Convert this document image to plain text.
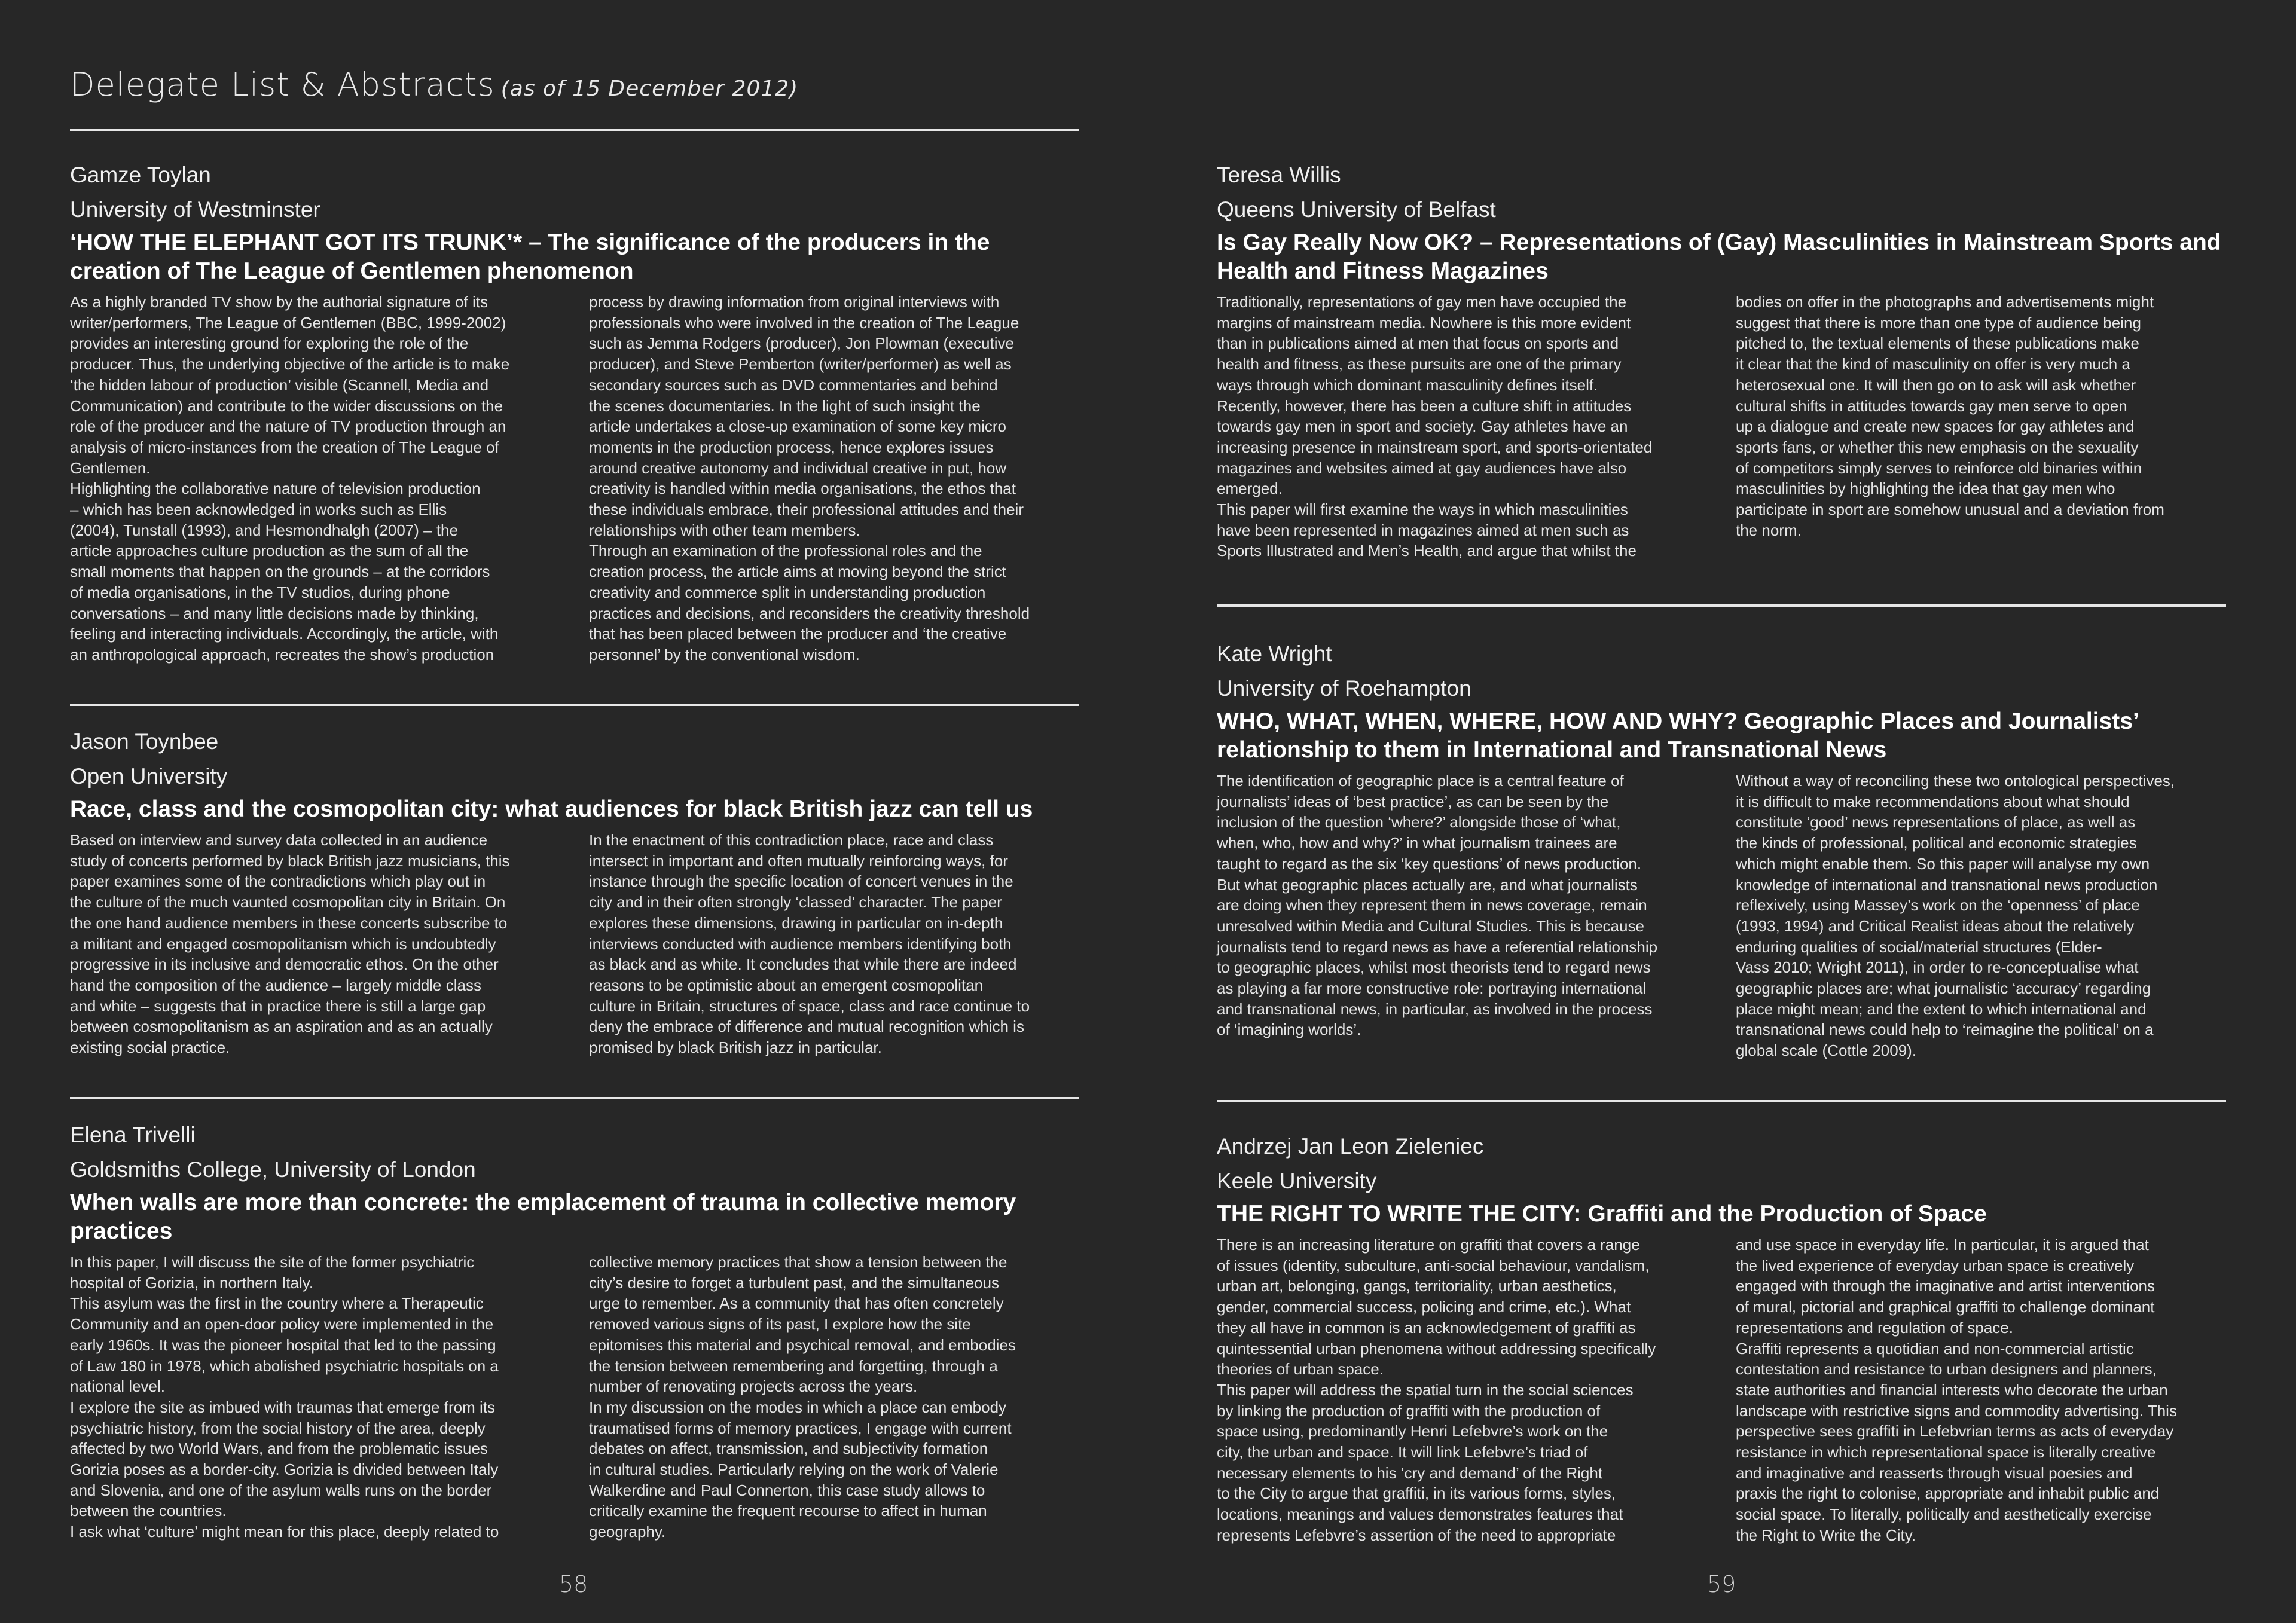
Delegate List & Abstracts (as of 15 December 2012)
Gamze Toylan
University of Westminster
‘HOW THE ELEPHANT GOT ITS TRUNK’* – The significance of the producers in the creation of The League of Gentlemen phenomenon
As a highly branded TV show by the authorial signature of its
writer/performers, The League of Gentlemen (BBC, 1999-2002)
provides an interesting ground for exploring the role of the
producer. Thus, the underlying objective of the article is to make
‘the hidden labour of production’ visible (Scannell, Media and
Communication) and contribute to the wider discussions on the
role of the producer and the nature of TV production through an
analysis of micro-instances from the creation of The League of
Gentlemen.
Highlighting the collaborative nature of television production
– which has been acknowledged in works such as Ellis
(2004), Tunstall (1993), and Hesmondhalgh (2007) – the
article approaches culture production as the sum of all the
small moments that happen on the grounds – at the corridors
of media organisations, in the TV studios, during phone
conversations – and many little decisions made by thinking,
feeling and interacting individuals. Accordingly, the article, with
an anthropological approach, recreates the show’s production
process by drawing information from original interviews with
professionals who were involved in the creation of The League
such as Jemma Rodgers (producer), Jon Plowman (executive
producer), and Steve Pemberton (writer/performer) as well as
secondary sources such as DVD commentaries and behind
the scenes documentaries. In the light of such insight the
article undertakes a close-up examination of some key micro
moments in the production process, hence explores issues
around creative autonomy and individual creative in put, how
creativity is handled within media organisations, the ethos that
these individuals embrace, their professional attitudes and their
relationships with other team members.
Through an examination of the professional roles and the
creation process, the article aims at moving beyond the strict
creativity and commerce split in understanding production
practices and decisions, and reconsiders the creativity threshold
that has been placed between the producer and ‘the creative
personnel’ by the conventional wisdom.
Jason Toynbee
Open University
Race, class and the cosmopolitan city: what audiences for black British jazz can tell us
Based on interview and survey data collected in an audience
study of concerts performed by black British jazz musicians, this
paper examines some of the contradictions which play out in
the culture of the much vaunted cosmopolitan city in Britain. On
the one hand audience members in these concerts subscribe to
a militant and engaged cosmopolitanism which is undoubtedly
progressive in its inclusive and democratic ethos. On the other
hand the composition of the audience – largely middle class
and white – suggests that in practice there is still a large gap
between cosmopolitanism as an aspiration and as an actually
existing social practice.
In the enactment of this contradiction place, race and class
intersect in important and often mutually reinforcing ways, for
instance through the specific location of concert venues in the
city and in their often strongly ‘classed’ character. The paper
explores these dimensions, drawing in particular on in-depth
interviews conducted with audience members identifying both
as black and as white. It concludes that while there are indeed
reasons to be optimistic about an emergent cosmopolitan
culture in Britain, structures of space, class and race continue to
deny the embrace of difference and mutual recognition which is
promised by black British jazz in particular.
Elena Trivelli
Goldsmiths College, University of London
When walls are more than concrete: the emplacement of trauma in collective memory practices
In this paper, I will discuss the site of the former psychiatric
hospital of Gorizia, in northern Italy.
This asylum was the first in the country where a Therapeutic
Community and an open-door policy were implemented in the
early 1960s. It was the pioneer hospital that led to the passing
of Law 180 in 1978, which abolished psychiatric hospitals on a
national level.
I explore the site as imbued with traumas that emerge from its
psychiatric history, from the social history of the area, deeply
affected by two World Wars, and from the problematic issues
Gorizia poses as a border-city. Gorizia is divided between Italy
and Slovenia, and one of the asylum walls runs on the border
between the countries.
I ask what ‘culture’ might mean for this place, deeply related to
collective memory practices that show a tension between the
city’s desire to forget a turbulent past, and the simultaneous
urge to remember. As a community that has often concretely
removed various signs of its past, I explore how the site
epitomises this material and psychical removal, and embodies
the tension between remembering and forgetting, through a
number of renovating projects across the years.
In my discussion on the modes in which a place can embody
traumatised forms of memory practices, I engage with current
debates on affect, transmission, and subjectivity formation
in cultural studies. Particularly relying on the work of Valerie
Walkerdine and Paul Connerton, this case study allows to
critically examine the frequent recourse to affect in human
geography.
58
Teresa Willis
Queens University of Belfast
Is Gay Really Now OK? – Representations of (Gay) Masculinities in Mainstream Sports and Health and Fitness Magazines
Traditionally, representations of gay men have occupied the
margins of mainstream media. Nowhere is this more evident
than in publications aimed at men that focus on sports and
health and fitness, as these pursuits are one of the primary
ways through which dominant masculinity defines itself.
Recently, however, there has been a culture shift in attitudes
towards gay men in sport and society. Gay athletes have an
increasing presence in mainstream sport, and sports-orientated
magazines and websites aimed at gay audiences have also
emerged.
This paper will first examine the ways in which masculinities
have been represented in magazines aimed at men such as
Sports Illustrated and Men’s Health, and argue that whilst the
bodies on offer in the photographs and advertisements might
suggest that there is more than one type of audience being
pitched to, the textual elements of these publications make
it clear that the kind of masculinity on offer is very much a
heterosexual one. It will then go on to ask will ask whether
cultural shifts in attitudes towards gay men serve to open
up a dialogue and create new spaces for gay athletes and
sports fans, or whether this new emphasis on the sexuality
of competitors simply serves to reinforce old binaries within
masculinities by highlighting the idea that gay men who
participate in sport are somehow unusual and a deviation from
the norm.
Kate Wright
University of Roehampton
WHO, WHAT, WHEN, WHERE, HOW AND WHY? Geographic Places and Journalists’ relationship to them in International and Transnational News
The identification of geographic place is a central feature of
journalists’ ideas of ‘best practice’, as can be seen by the
inclusion of the question ‘where?’ alongside those of ‘what,
when, who, how and why?’ in what journalism trainees are
taught to regard as the six ‘key questions’ of news production.
But what geographic places actually are, and what journalists
are doing when they represent them in news coverage, remain
unresolved within Media and Cultural Studies. This is because
journalists tend to regard news as have a referential relationship
to geographic places, whilst most theorists tend to regard news
as playing a far more constructive role: portraying international
and transnational news, in particular, as involved in the process
of ‘imagining worlds’.
Without a way of reconciling these two ontological perspectives,
it is difficult to make recommendations about what should
constitute ‘good’ news representations of place, as well as
the kinds of professional, political and economic strategies
which might enable them. So this paper will analyse my own
knowledge of international and transnational news production
reflexively, using Massey’s work on the ‘openness’ of place
(1993, 1994) and Critical Realist ideas about the relatively
enduring qualities of social/material structures (Elder-
Vass 2010; Wright 2011), in order to re-conceptualise what
geographic places are; what journalistic ‘accuracy’ regarding
place might mean; and the extent to which international and
transnational news could help to ‘reimagine the political’ on a
global scale (Cottle 2009).
Andrzej Jan Leon Zieleniec
Keele University
THE RIGHT TO WRITE THE CITY: Graffiti and the Production of Space
There is an increasing literature on graffiti that covers a range
of issues (identity, subculture, anti-social behaviour, vandalism,
urban art, belonging, gangs, territoriality, urban aesthetics,
gender, commercial success, policing and crime, etc.). What
they all have in common is an acknowledgement of graffiti as
quintessential urban phenomena without addressing specifically
theories of urban space.
This paper will address the spatial turn in the social sciences
by linking the production of graffiti with the production of
space using, predominantly Henri Lefebvre’s work on the
city, the urban and space. It will link Lefebvre’s triad of
necessary elements to his ‘cry and demand’ of the Right
to the City to argue that graffiti, in its various forms, styles,
locations, meanings and values demonstrates features that
represents Lefebvre’s assertion of the need to appropriate
and use space in everyday life. In particular, it is argued that
the lived experience of everyday urban space is creatively
engaged with through the imaginative and artist interventions
of mural, pictorial and graphical graffiti to challenge dominant
representations and regulation of space.
Graffiti represents a quotidian and non-commercial artistic
contestation and resistance to urban designers and planners,
state authorities and financial interests who decorate the urban
landscape with restrictive signs and commodity advertising. This
perspective sees graffiti in Lefebvrian terms as acts of everyday
resistance in which representational space is literally creative
and imaginative and reasserts through visual poesies and
praxis the right to colonise, appropriate and inhabit public and
social space. To literally, politically and aesthetically exercise
the Right to Write the City.
59
